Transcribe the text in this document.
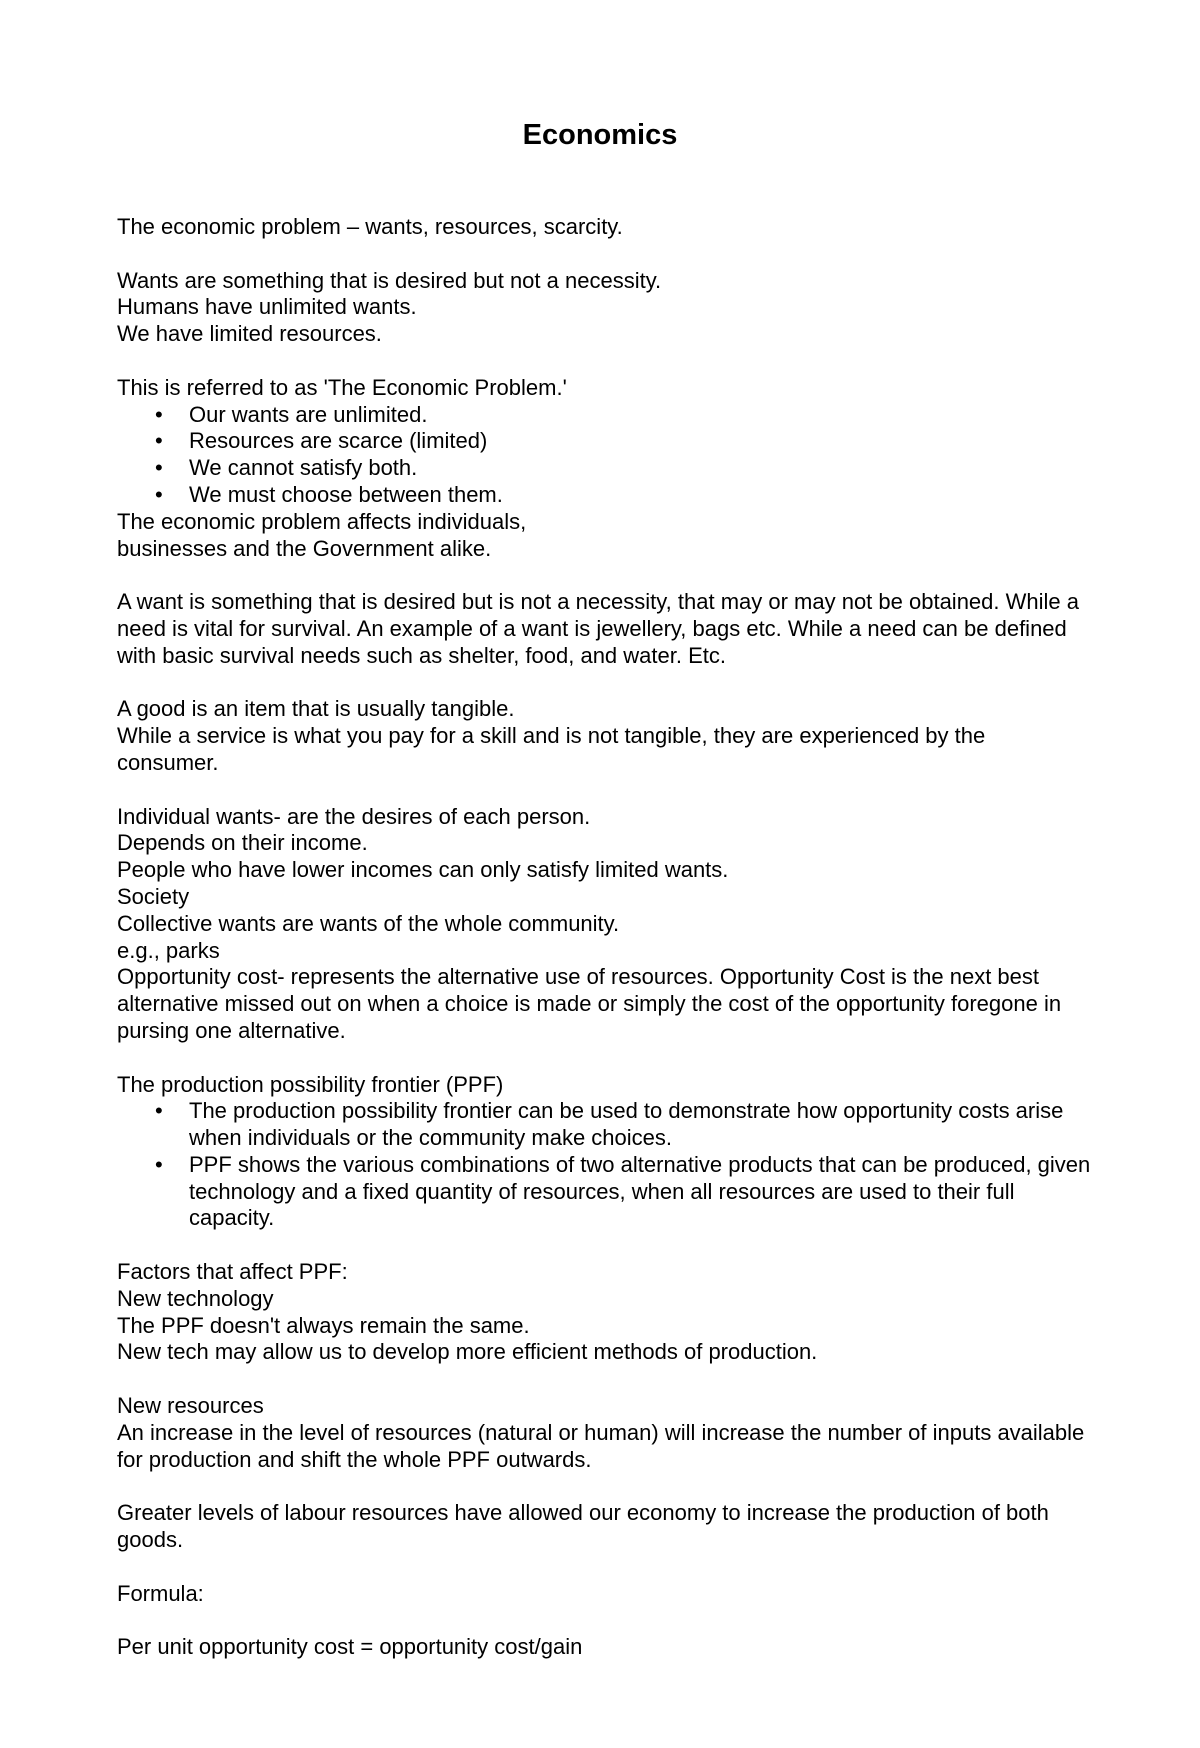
Economics
The economic problem – wants, resources, scarcity.
Wants are something that is desired but not a necessity.
Humans have unlimited wants.
We have limited resources.
This is referred to as 'The Economic Problem.'
• Our wants are unlimited.
• Resources are scarce (limited)
• We cannot satisfy both.
• We must choose between them.
The economic problem affects individuals,
businesses and the Government alike.
A want is something that is desired but is not a necessity, that may or may not be obtained. While a need is vital for survival. An example of a want is jewellery, bags etc. While a need can be defined with basic survival needs such as shelter, food, and water. Etc.
A good is an item that is usually tangible.
While a service is what you pay for a skill and is not tangible, they are experienced by the consumer.
Individual wants- are the desires of each person.
Depends on their income.
People who have lower incomes can only satisfy limited wants.
Society
Collective wants are wants of the whole community.
e.g., parks
Opportunity cost- represents the alternative use of resources. Opportunity Cost is the next best alternative missed out on when a choice is made or simply the cost of the opportunity foregone in pursing one alternative.
The production possibility frontier (PPF)
• The production possibility frontier can be used to demonstrate how opportunity costs arise when individuals or the community make choices.
• PPF shows the various combinations of two alternative products that can be produced, given technology and a fixed quantity of resources, when all resources are used to their full capacity.
Factors that affect PPF:
New technology
The PPF doesn't always remain the same.
New tech may allow us to develop more efficient methods of production.
New resources
An increase in the level of resources (natural or human) will increase the number of inputs available for production and shift the whole PPF outwards.
Greater levels of labour resources have allowed our economy to increase the production of both goods.
Formula:
Per unit opportunity cost = opportunity cost/gain
